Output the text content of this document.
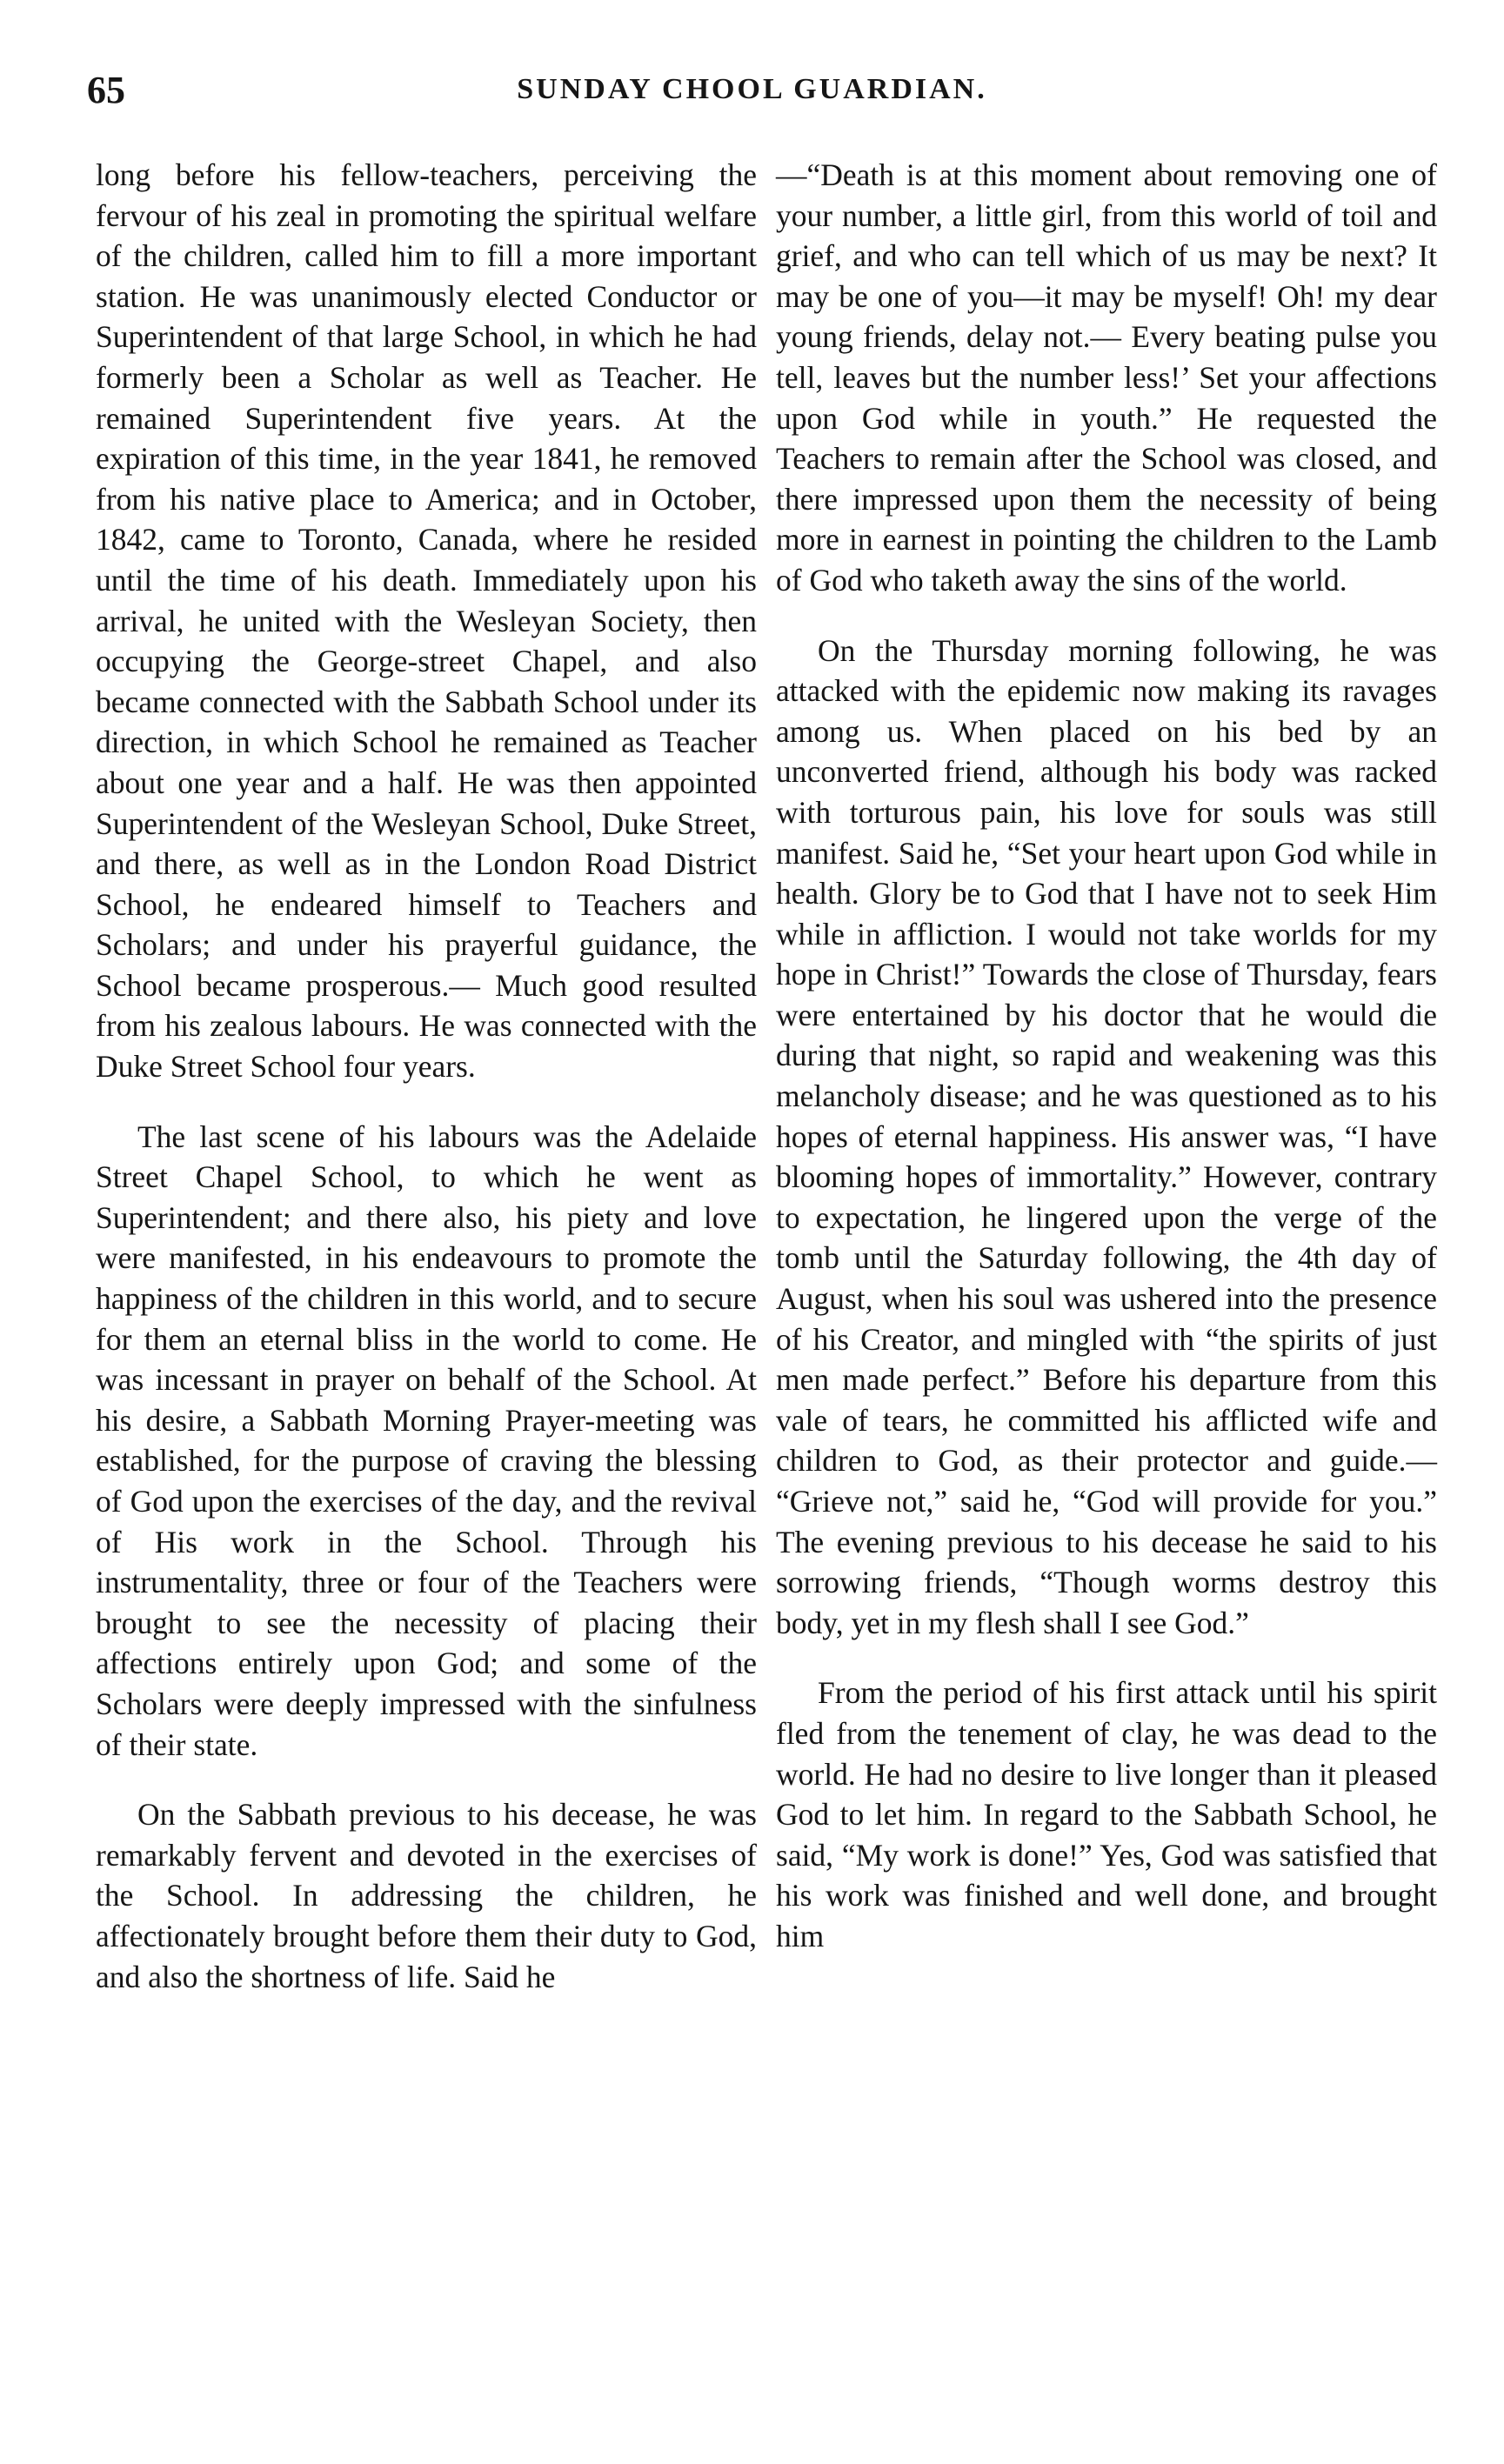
65	SUNDAY CHOOL GUARDIAN.

long before his fellow-teachers, perceiving the fervour of his zeal in promoting the spiritual welfare of the children, called him to fill a more important station. He was unanimously elected Conductor or Superintendent of that large School, in which he had formerly been a Scholar as well as Teacher. He remained Superintendent five years. At the expiration of this time, in the year 1841, he removed from his native place to America; and in October, 1842, came to Toronto, Canada, where he resided until the time of his death. Immediately upon his arrival, he united with the Wesleyan Society, then occupying the George-street Chapel, and also became connected with the Sabbath School under its direction, in which School he remained as Teacher about one year and a half. He was then appointed Superintendent of the Wesleyan School, Duke Street, and there, as well as in the London Road District School, he endeared himself to Teachers and Scholars; and under his prayerful guidance, the School became prosperous.— Much good resulted from his zealous labours. He was connected with the Duke Street School four years.

The last scene of his labours was the Adelaide Street Chapel School, to which he went as Superintendent; and there also, his piety and love were manifested, in his endeavours to promote the happiness of the children in this world, and to secure for them an eternal bliss in the world to come. He was incessant in prayer on behalf of the School. At his desire, a Sabbath Morning Prayer-meeting was established, for the purpose of craving the blessing of God upon the exercises of the day, and the revival of His work in the School. Through his instrumentality, three or four of the Teachers were brought to see the necessity of placing their affections entirely upon God; and some of the Scholars were deeply impressed with the sinfulness of their state.

On the Sabbath previous to his decease, he was remarkably fervent and devoted in the exercises of the School. In addressing the children, he affectionately brought before them their duty to God, and also the shortness of life. Said he

—“Death is at this moment about removing one of your number, a little girl, from this world of toil and grief, and who can tell which of us may be next? It may be one of you—it may be myself! Oh! my dear young friends, delay not.— Every beating pulse you tell, leaves but the number less!’ Set your affections upon God while in youth.” He requested the Teachers to remain after the School was closed, and there impressed upon them the necessity of being more in earnest in pointing the children to the Lamb of God who taketh away the sins of the world.

On the Thursday morning following, he was attacked with the epidemic now making its ravages among us. When placed on his bed by an unconverted friend, although his body was racked with torturous pain, his love for souls was still manifest. Said he, “Set your heart upon God while in health. Glory be to God that I have not to seek Him while in affliction. I would not take worlds for my hope in Christ!” Towards the close of Thursday, fears were entertained by his doctor that he would die during that night, so rapid and weakening was this melancholy disease; and he was questioned as to his hopes of eternal happiness. His answer was, “I have blooming hopes of immortality.” However, contrary to expectation, he lingered upon the verge of the tomb until the Saturday following, the 4th day of August, when his soul was ushered into the presence of his Creator, and mingled with “the spirits of just men made perfect.” Before his departure from this vale of tears, he committed his afflicted wife and children to God, as their protector and guide.— “Grieve not,” said he, “God will provide for you.” The evening previous to his decease he said to his sorrowing friends, “Though worms destroy this body, yet in my flesh shall I see God.”

From the period of his first attack until his spirit fled from the tenement of clay, he was dead to the world. He had no desire to live longer than it pleased God to let him. In regard to the Sabbath School, he said, “My work is done!” Yes, God was satisfied that his work was finished and well done, and brought him
